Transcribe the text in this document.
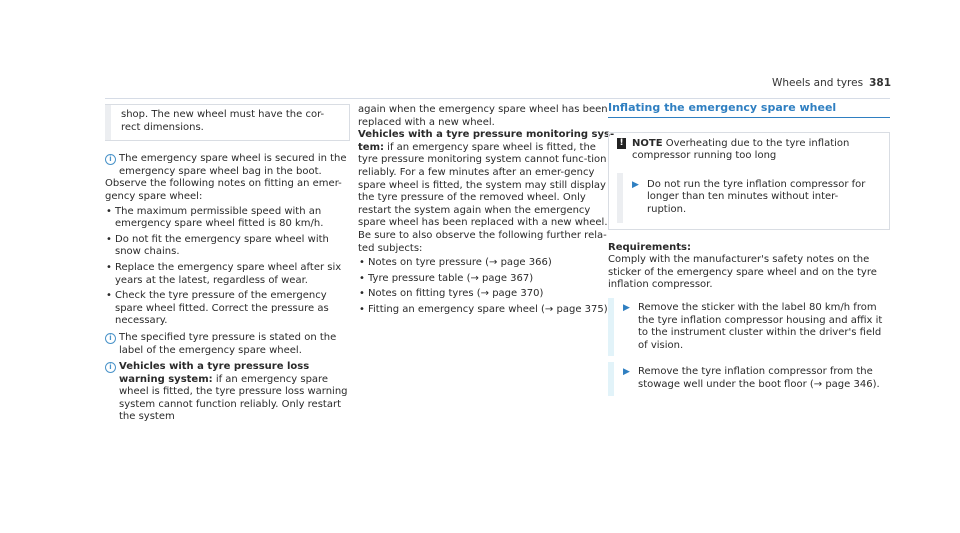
Wheels and tyres 381

shop. The new wheel must have the cor-
rect dimensions.

i The emergency spare wheel is secured in the emergency spare wheel bag in the boot.

Observe the following notes on fitting an emer-gency spare wheel:

• The maximum permissible speed with an emergency spare wheel fitted is 80 km/h.
• Do not fit the emergency spare wheel with snow chains.
• Replace the emergency spare wheel after six years at the latest, regardless of wear.
• Check the tyre pressure of the emergency spare wheel fitted. Correct the pressure as necessary.
i The specified tyre pressure is stated on the label of the emergency spare wheel.

i Vehicles with a tyre pressure loss warning system: if an emergency spare wheel is fitted, the tyre pressure loss warning system cannot function reliably. Only restart the system

again when the emergency spare wheel has been replaced with a new wheel.

Vehicles with a tyre pressure monitoring sys-tem: if an emergency spare wheel is fitted, the tyre pressure monitoring system cannot func-tion reliably. For a few minutes after an emer-gency spare wheel is fitted, the system may still display the tyre pressure of the removed wheel. Only restart the system again when the emergency spare wheel has been replaced with a new wheel.

Be sure to also observe the following further rela-ted subjects:

• Notes on tyre pressure (→ page 366)
• Tyre pressure table (→ page 367)
• Notes on fitting tyres (→ page 370)
• Fitting an emergency spare wheel (→ page 375)
Inflating the emergency spare wheel
! NOTE Overheating due to the tyre inflation compressor running too long
▶ Do not run the tyre inflation compressor for longer than ten minutes without inter-ruption.

Requirements:

Comply with the manufacturer's safety notes on the sticker of the emergency spare wheel and on the tyre inflation compressor.

▶ Remove the sticker with the label 80 km/h from the tyre inflation compressor housing and affix it to the instrument cluster within the driver's field of vision.

▶ Remove the tyre inflation compressor from the stowage well under the boot floor (→ page 346).
